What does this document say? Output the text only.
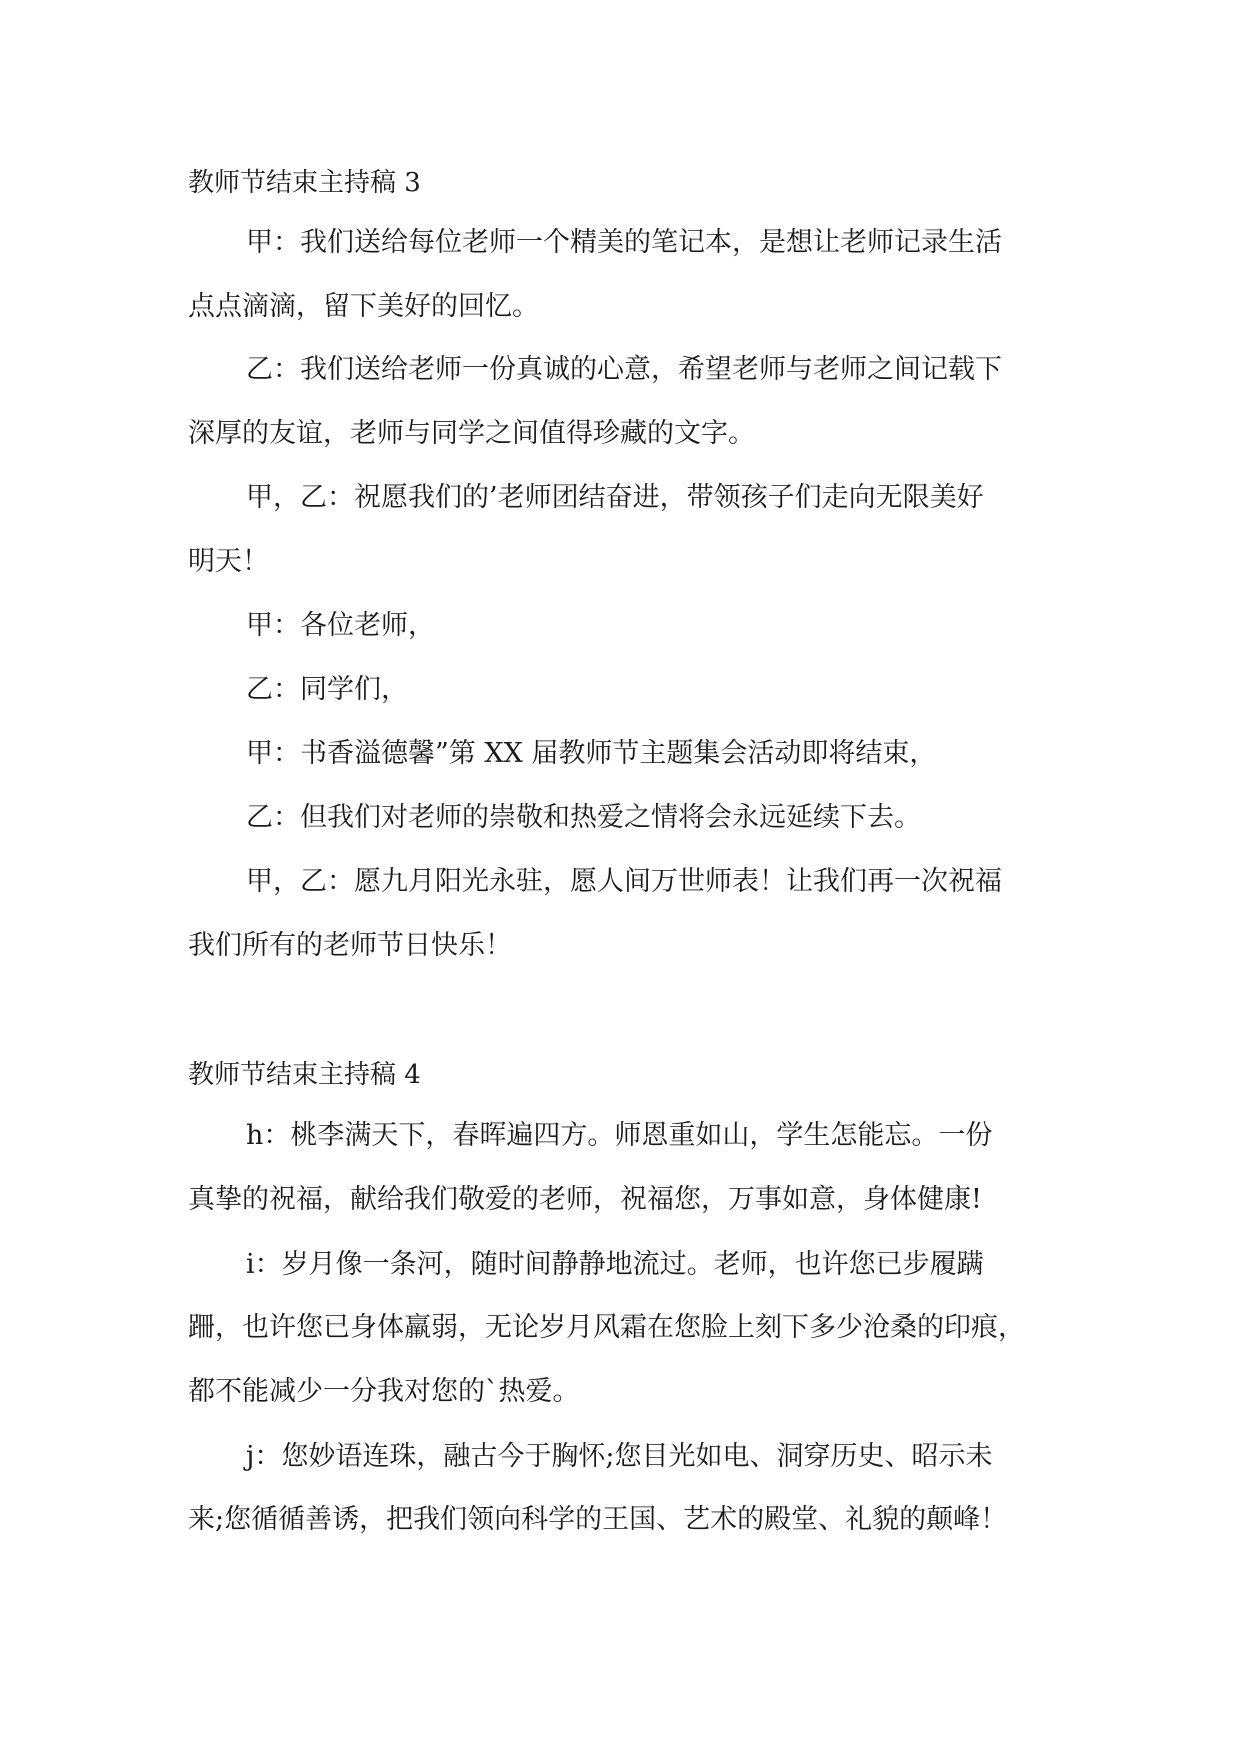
教师节结束主持稿 3
甲：我们送给每位老师一个精美的笔记本，是想让老师记录生活
点点滴滴，留下美好的回忆。
乙：我们送给老师一份真诚的心意，希望老师与老师之间记载下
深厚的友谊，老师与同学之间值得珍藏的文字。
甲，乙：祝愿我们的’老师团结奋进，带领孩子们走向无限美好
明天！
甲：各位老师，
乙：同学们，
甲：书香溢德馨”第 XX 届教师节主题集会活动即将结束，
乙：但我们对老师的崇敬和热爱之情将会永远延续下去。
甲，乙：愿九月阳光永驻，愿人间万世师表！让我们再一次祝福
我们所有的老师节日快乐！
教师节结束主持稿 4
h：桃李满天下，春晖遍四方。师恩重如山，学生怎能忘。一份
真挚的祝福，献给我们敬爱的老师，祝福您，万事如意，身体健康!
i：岁月像一条河，随时间静静地流过。老师，也许您已步履蹒
跚，也许您已身体羸弱，无论岁月风霜在您脸上刻下多少沧桑的印痕，
都不能减少一分我对您的`热爱。
j：您妙语连珠，融古今于胸怀;您目光如电、洞穿历史、昭示未
来;您循循善诱，把我们领向科学的王国、艺术的殿堂、礼貌的颠峰！
